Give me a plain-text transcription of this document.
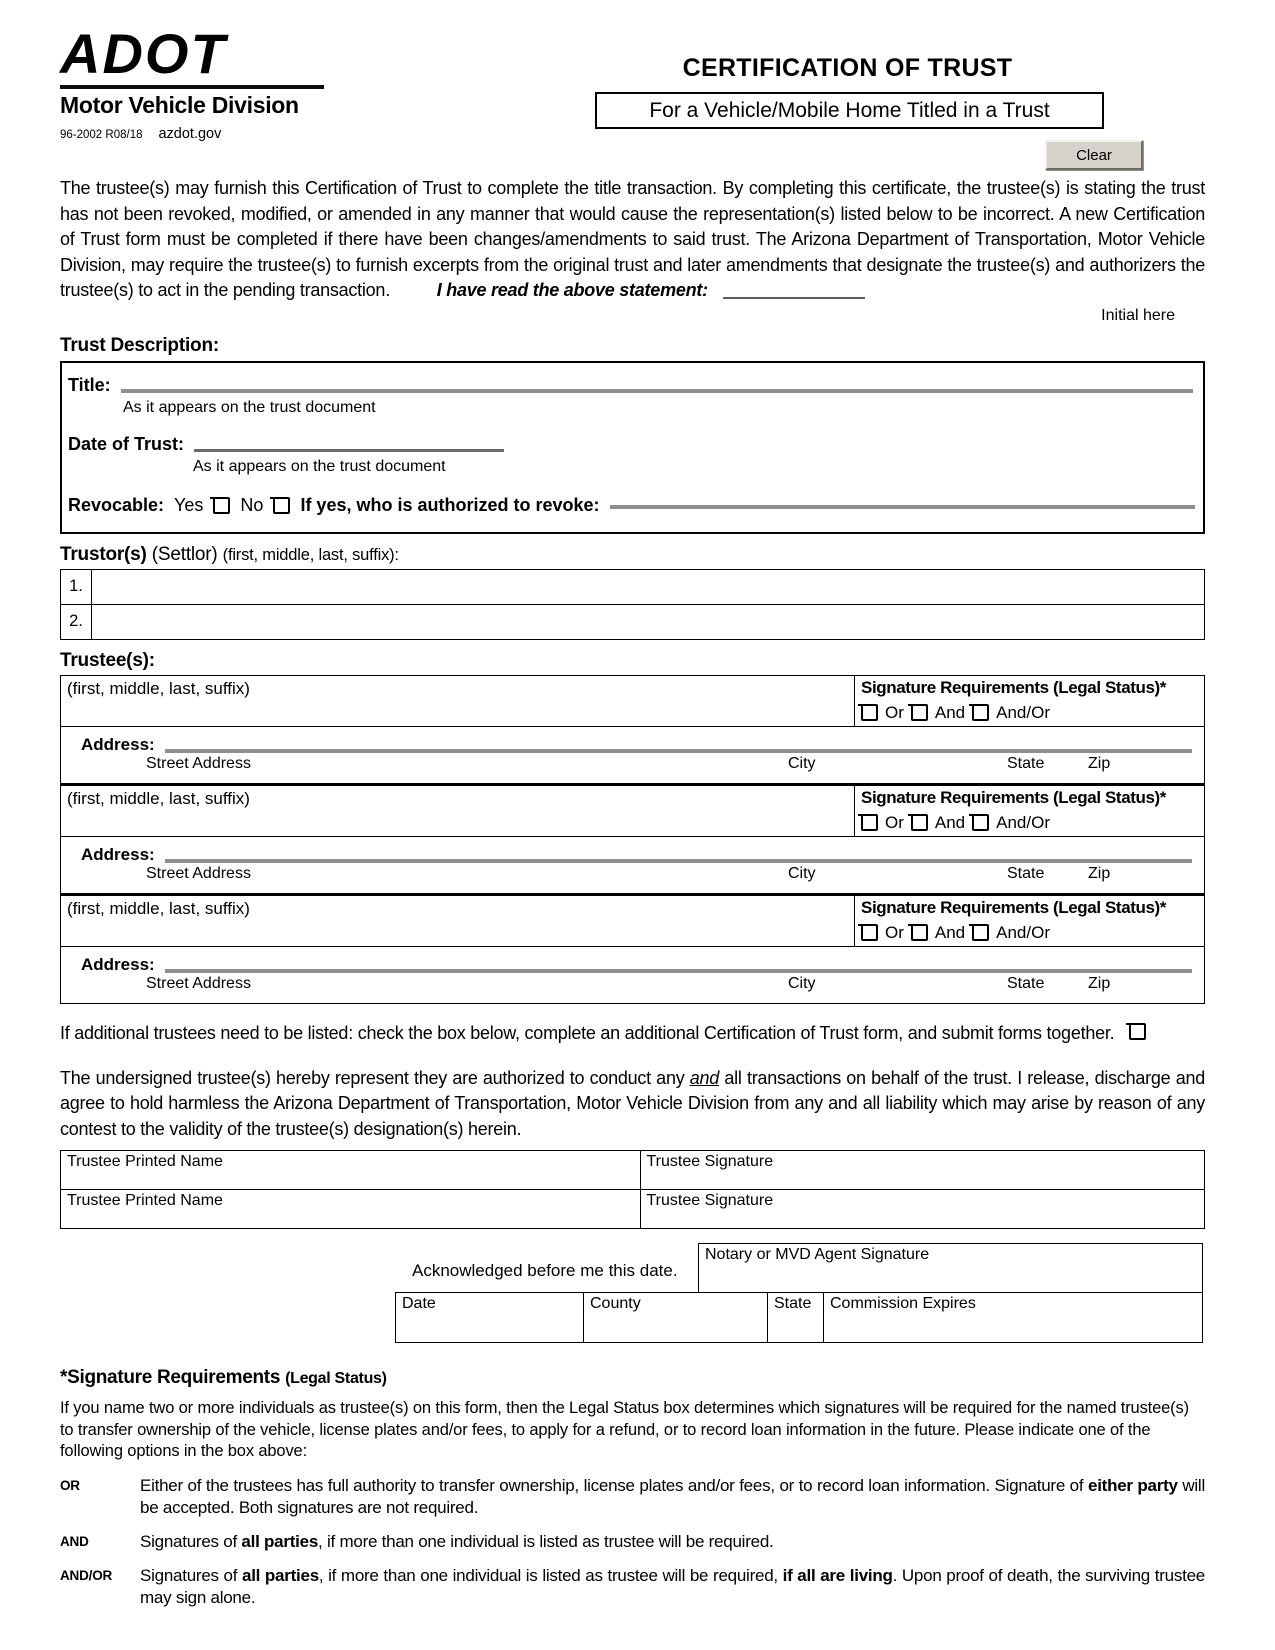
ADOT
Motor Vehicle Division
96-2002 R08/18 azdot.gov
CERTIFICATION OF TRUST
For a Vehicle/Mobile Home Titled in a Trust
Clear
The trustee(s) may furnish this Certification of Trust to complete the title transaction. By completing this certificate, the trustee(s) is stating the trust has not been revoked, modified, or amended in any manner that would cause the representation(s) listed below to be incorrect. A new Certification of Trust form must be completed if there have been changes/amendments to said trust. The Arizona Department of Transportation, Motor Vehicle Division, may require the trustee(s) to furnish excerpts from the original trust and later amendments that designate the trustee(s) and authorizers the trustee(s) to act in the pending transaction.	I have read the above statement:
Initial here
Trust Description:
Title:
As it appears on the trust document
Date of Trust:
As it appears on the trust document
Revocable: Yes No If yes, who is authorized to revoke:
Trustor(s) (Settlor) (first, middle, last, suffix):
1.
2.
Trustee(s):
(first, middle, last, suffix)	Signature Requirements (Legal Status)*
Or And And/Or
Address:
Street Address	City	State	Zip
(first, middle, last, suffix)	Signature Requirements (Legal Status)*
Or And And/Or
Address:
Street Address	City	State	Zip
(first, middle, last, suffix)	Signature Requirements (Legal Status)*
Or And And/Or
Address:
Street Address	City	State	Zip
If additional trustees need to be listed: check the box below, complete an additional Certification of Trust form, and submit forms together.
The undersigned trustee(s) hereby represent they are authorized to conduct any and all transactions on behalf of the trust. I release, discharge and agree to hold harmless the Arizona Department of Transportation, Motor Vehicle Division from any and all liability which may arise by reason of any contest to the validity of the trustee(s) designation(s) herein.
Trustee Printed Name	Trustee Signature
Trustee Printed Name	Trustee Signature
Acknowledged before me this date.
Notary or MVD Agent Signature
Date	County	State	Commission Expires
*Signature Requirements (Legal Status)
If you name two or more individuals as trustee(s) on this form, then the Legal Status box determines which signatures will be required for the named trustee(s) to transfer ownership of the vehicle, license plates and/or fees, to apply for a refund, or to record loan information in the future. Please indicate one of the following options in the box above:
OR	Either of the trustees has full authority to transfer ownership, license plates and/or fees, or to record loan information. Signature of either party will be accepted. Both signatures are not required.
AND	Signatures of all parties, if more than one individual is listed as trustee will be required.
AND/OR	Signatures of all parties, if more than one individual is listed as trustee will be required, if all are living. Upon proof of death, the surviving trustee may sign alone.
